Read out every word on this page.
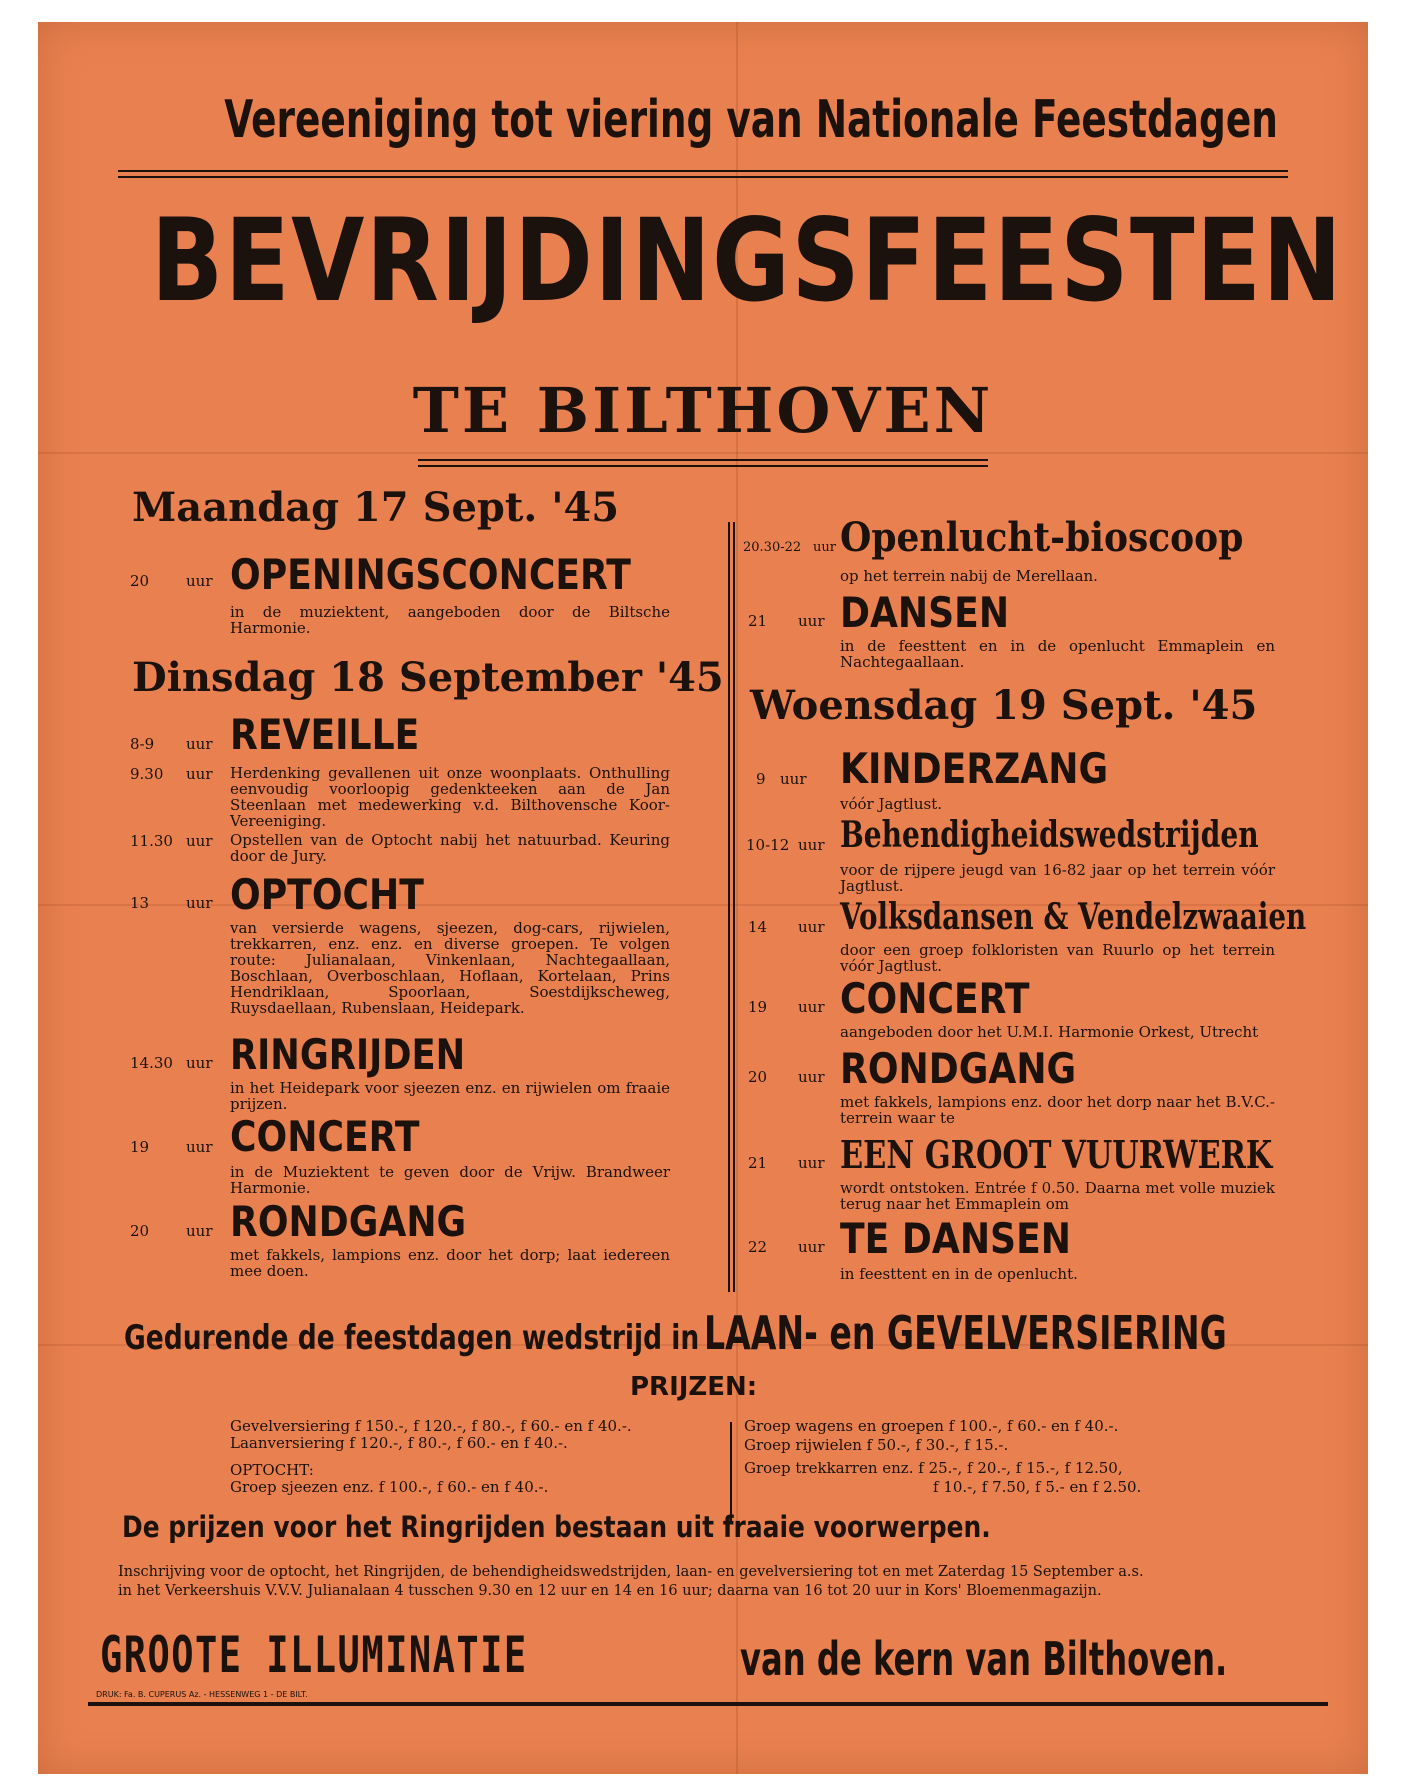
Vereeniging tot viering van Nationale Feestdagen
BEVRIJDINGSFEESTEN
TE BILTHOVEN
Maandag 17 Sept. '45
20 uur OPENINGSCONCERT
in de muziektent, aangeboden door de Biltsche Harmonie.
Dinsdag 18 September '45
8-9 uur REVEILLE
9.30 uur Herdenking gevallenen uit onze woonplaats. Onthulling eenvoudig voorloopig gedenkteeken aan de Jan Steenlaan met medewerking v.d. Bilthovensche Koor-Vereeniging.
11.30 uur Opstellen van de Optocht nabij het natuurbad. Keuring door de Jury.
13 uur OPTOCHT
van versierde wagens, sjeezen, dog-cars, rijwielen, trekkarren, enz. enz. en diverse groepen. Te volgen route: Julianalaan, Vinkenlaan, Nachtegaallaan, Boschlaan, Overboschlaan, Hoflaan, Kortelaan, Prins Hendriklaan, Spoorlaan, Soestdijkscheweg, Ruysdaellaan, Rubenslaan, Heidepark.
14.30 uur RINGRIJDEN
in het Heidepark voor sjeezen enz. en rijwielen om fraaie prijzen.
19 uur CONCERT
in de Muziektent te geven door de Vrijw. Brandweer Harmonie.
20 uur RONDGANG
met fakkels, lampions enz. door het dorp; laat iedereen mee doen.
20.30-22 uur Openlucht-bioscoop
op het terrein nabij de Merellaan.
21 uur DANSEN
in de feesttent en in de openlucht Emmaplein en Nachtegaallaan.
Woensdag 19 Sept. '45
9 uur KINDERZANG
vóór Jagtlust.
10-12 uur Behendigheidswedstrijden
voor de rijpere jeugd van 16-82 jaar op het terrein vóór Jagtlust.
14 uur Volksdansen & Vendelzwaaien
door een groep folkloristen van Ruurlo op het terrein vóór Jagtlust.
19 uur CONCERT
aangeboden door het U.M.I. Harmonie Orkest, Utrecht
20 uur RONDGANG
met fakkels, lampions enz. door het dorp naar het B.V.C.-terrein waar te
21 uur EEN GROOT VUURWERK
wordt ontstoken. Entrée f 0.50. Daarna met volle muziek terug naar het Emmaplein om
22 uur TE DANSEN
in feesttent en in de openlucht.
Gedurende de feestdagen wedstrijd in LAAN- en GEVELVERSIERING
PRIJZEN:
Gevelversiering f 150.-, f 120.-, f 80.-, f 60.- en f 40.-.
Laanversiering f 120.-, f 80.-, f 60.- en f 40.-.
OPTOCHT:
Groep sjeezen enz. f 100.-, f 60.- en f 40.-.
Groep wagens en groepen f 100.-, f 60.- en f 40.-.
Groep rijwielen f 50.-, f 30.-, f 15.-.
Groep trekkarren enz. f 25.-, f 20.-, f 15.-, f 12.50,
f 10.-, f 7.50, f 5.- en f 2.50.
De prijzen voor het Ringrijden bestaan uit fraaie voorwerpen.
Inschrijving voor de optocht, het Ringrijden, de behendigheidswedstrijden, laan- en gevelversiering tot en met Zaterdag 15 September a.s.
in het Verkeershuis V.V.V. Julianalaan 4 tusschen 9.30 en 12 uur en 14 en 16 uur; daarna van 16 tot 20 uur in Kors' Bloemenmagazijn.
GROOTE ILLUMINATIE	van de kern van Bilthoven.
DRUK: Fa. B. CUPERUS Az. - HESSENWEG 1 - DE BILT.
